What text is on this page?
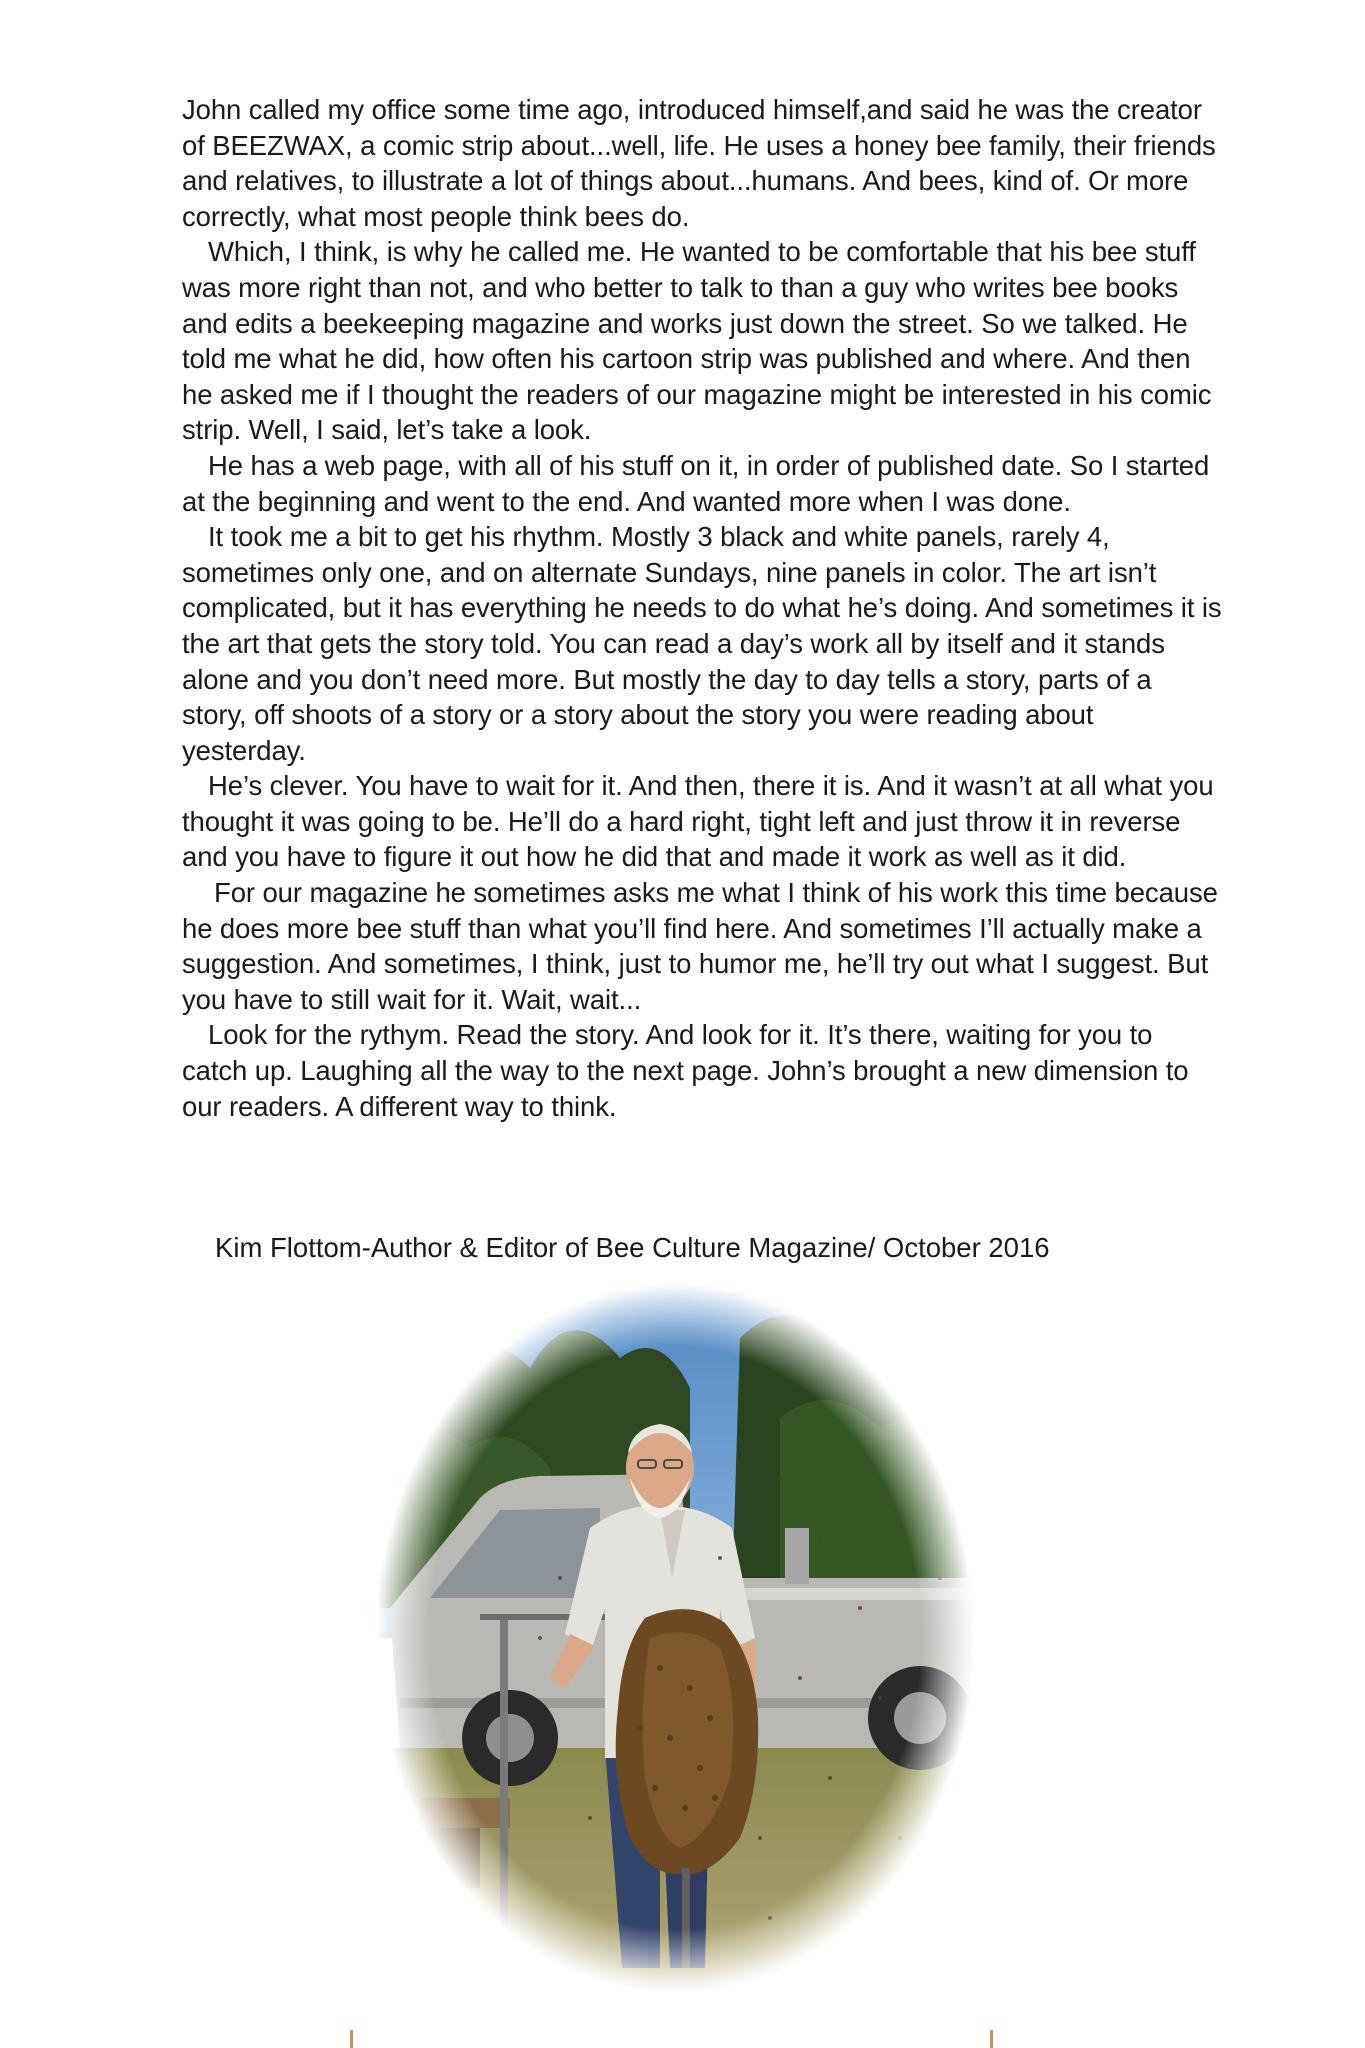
John called my office some time ago, introduced himself,and said he was the creator of BEEZWAX, a comic strip about...well, life. He uses a honey bee family, their friends and relatives, to illustrate a lot of things about...humans. And bees, kind of. Or more correctly, what most people think bees do.

Which, I think, is why he called me. He wanted to be comfortable that his bee stuff was more right than not, and who better to talk to than a guy who writes bee books and edits a beekeeping magazine and works just down the street. So we talked. He told me what he did, how often his cartoon strip was published and where. And then he asked me if I thought the readers of our magazine might be interested in his comic strip. Well, I said, let’s take a look.

He has a web page, with all of his stuff on it, in order of published date. So I started at the beginning and went to the end. And wanted more when I was done.

It took me a bit to get his rhythm. Mostly 3 black and white panels, rarely 4, sometimes only one, and on alternate Sundays, nine panels in color. The art isn’t complicated, but it has everything he needs to do what he’s doing. And sometimes it is the art that gets the story told. You can read a day’s work all by itself and it stands alone and you don’t need more. But mostly the day to day tells a story, parts of a story, off shoots of a story or a story about the story you were reading about yesterday.

He’s clever. You have to wait for it. And then, there it is. And it wasn’t at all what you thought it was going to be. He’ll do a hard right, tight left and just throw it in reverse and you have to figure it out how he did that and made it work as well as it did.

For our magazine he sometimes asks me what I think of his work this time because he does more bee stuff than what you’ll find here. And sometimes I’ll actually make a suggestion. And sometimes, I think, just to humor me, he’ll try out what I suggest. But you have to still wait for it. Wait, wait...

Look for the rythym. Read the story. And look for it. It’s there, waiting for you to catch up. Laughing all the way to the next page. John’s brought a new dimension to our readers. A different way to think.

Kim Flottom-Author & Editor of Bee Culture Magazine/ October 2016
